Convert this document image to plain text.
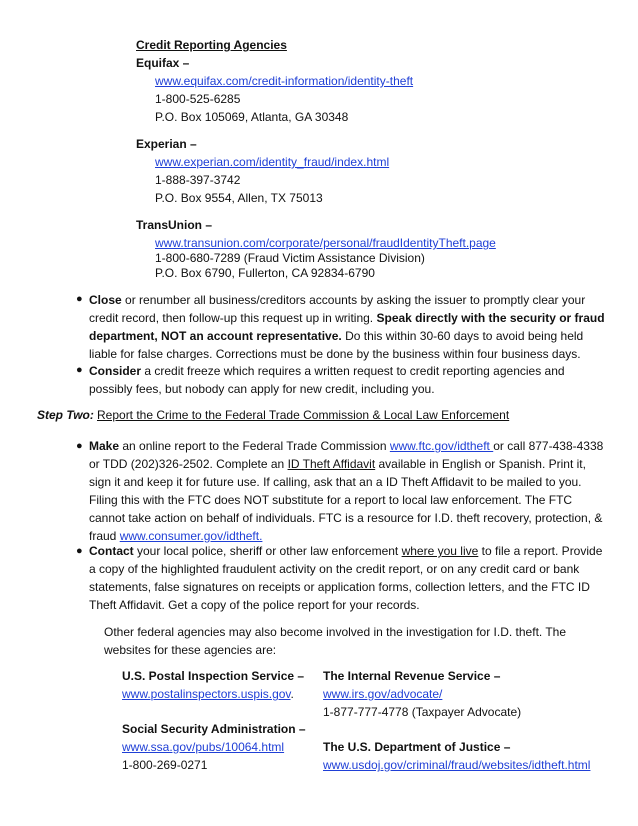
Credit Reporting Agencies
Equifax –
www.equifax.com/credit-information/identity-theft
1-800-525-6285
P.O. Box 105069, Atlanta, GA 30348
Experian –
www.experian.com/identity_fraud/index.html
1-888-397-3742
P.O. Box 9554, Allen, TX 75013
TransUnion –
www.transunion.com/corporate/personal/fraudIdentityTheft.page
1-800-680-7289 (Fraud Victim Assistance Division)
P.O. Box 6790, Fullerton, CA 92834-6790
● Close or renumber all business/creditors accounts by asking the issuer to promptly clear your credit record, then follow-up this request up in writing. Speak directly with the security or fraud department, NOT an account representative. Do this within 30-60 days to avoid being held liable for false charges. Corrections must be done by the business within four business days.

● Consider a credit freeze which requires a written request to credit reporting agencies and possibly fees, but nobody can apply for new credit, including you.

Step Two: Report the Crime to the Federal Trade Commission & Local Law Enforcement
● Make an online report to the Federal Trade Commission www.ftc.gov/idtheft or call 877-438-4338 or TDD (202)326-2502. Complete an ID Theft Affidavit available in English or Spanish. Print it, sign it and keep it for future use. If calling, ask that an a ID Theft Affidavit to be mailed to you. Filing this with the FTC does NOT substitute for a report to local law enforcement. The FTC cannot take action on behalf of individuals. FTC is a resource for I.D. theft recovery, protection, & fraud www.consumer.gov/idtheft.

● Contact your local police, sheriff or other law enforcement where you live to file a report. Provide a copy of the highlighted fraudulent activity on the credit report, or on any credit card or bank statements, false signatures on receipts or application forms, collection letters, and the FTC ID Theft Affidavit. Get a copy of the police report for your records.

Other federal agencies may also become involved in the investigation for I.D. theft. The websites for these agencies are:
U.S. Postal Inspection Service –
www.postalinspectors.uspis.gov.
The Internal Revenue Service –
www.irs.gov/advocate/
1-877-777-4778 (Taxpayer Advocate)
Social Security Administration –
www.ssa.gov/pubs/10064.html
1-800-269-0271
The U.S. Department of Justice –
www.usdoj.gov/criminal/fraud/websites/idtheft.html
